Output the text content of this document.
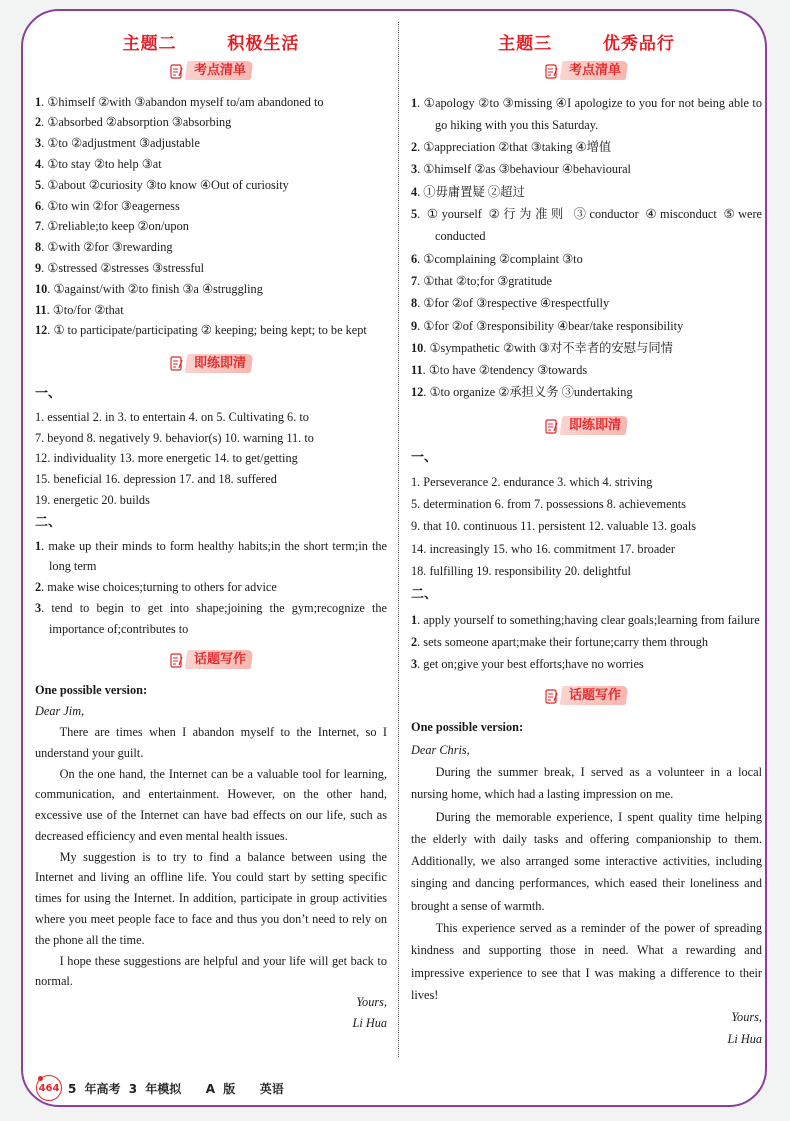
主题二   积极生活
考点清单

1. ①himself ②with ③abandon myself to/am abandoned to

2. ①absorbed ②absorption ③absorbing

3. ①to ②adjustment ③adjustable

4. ①to stay ②to help ③at

5. ①about ②curiosity ③to know ④Out of curiosity

6. ①to win ②for ③eagerness

7. ①reliable;to keep ②on/upon

8. ①with ②for ③rewarding

9. ①stressed ②stresses ③stressful

10. ①against/with ②to finish ③a ④struggling

11. ①to/for ②that

12. ① to participate/participating ② keeping; being kept; to be kept

即练即清

一、

1. essential 2. in 3. to entertain 4. on 5. Cultivating 6. to

7. beyond 8. negatively 9. behavior(s) 10. warning 11. to

12. individuality 13. more energetic 14. to get/getting

15. beneficial 16. depression 17. and 18. suffered

19. energetic 20. builds

二、

1. make up their minds to form healthy habits;in the short term;in the long term

2. make wise choices;turning to others for advice

3. tend to begin to get into shape;joining the gym;recognize the importance of;contributes to

话题写作

One possible version:

Dear Jim,

There are times when I abandon myself to the Internet, so I understand your guilt.

On the one hand, the Internet can be a valuable tool for learning, communication, and entertainment. However, on the other hand, excessive use of the Internet can have bad effects on our life, such as decreased efficiency and even mental health issues.

My suggestion is to try to find a balance between using the Internet and living an offline life. You could start by setting specific times for using the Internet. In addition, participate in group activities where you meet people face to face and thus you don’t need to rely on the phone all the time.

I hope these suggestions are helpful and your life will get back to normal.

Yours,

Li Hua

主题三   优秀品行
考点清单

1. ①apology ②to ③missing ④I apologize to you for not being able to go hiking with you this Saturday.

2. ①appreciation ②that ③taking ④增值

3. ①himself ②as ③behaviour ④behavioural

4. ①毋庸置疑 ②超过

5. ①yourself ②行为准则 ③conductor ④misconduct ⑤were conducted

6. ①complaining ②complaint ③to

7. ①that ②to;for ③gratitude

8. ①for ②of ③respective ④respectfully

9. ①for ②of ③responsibility ④bear/take responsibility

10. ①sympathetic ②with ③对不幸者的安慰与同情

11. ①to have ②tendency ③towards

12. ①to organize ②承担义务 ③undertaking

即练即清

一、

1. Perseverance 2. endurance 3. which 4. striving

5. determination 6. from 7. possessions 8. achievements

9. that 10. continuous 11. persistent 12. valuable 13. goals

14. increasingly 15. who 16. commitment 17. broader

18. fulfilling 19. responsibility 20. delightful

二、

1. apply yourself to something;having clear goals;learning from failure

2. sets someone apart;make their fortune;carry them through

3. get on;give your best efforts;have no worries

话题写作

One possible version:

Dear Chris,

During the summer break, I served as a volunteer in a local nursing home, which had a lasting impression on me.

During the memorable experience, I spent quality time helping the elderly with daily tasks and offering companionship to them. Additionally, we also arranged some interactive activities, including singing and dancing performances, which eased their loneliness and brought a sense of warmth.

This experience served as a reminder of the power of spreading kindness and supporting those in need. What a rewarding and impressive experience to see that I was making a difference to their lives!

Yours,

Li Hua

464 5 年高考 3 年模拟   A 版   英语
